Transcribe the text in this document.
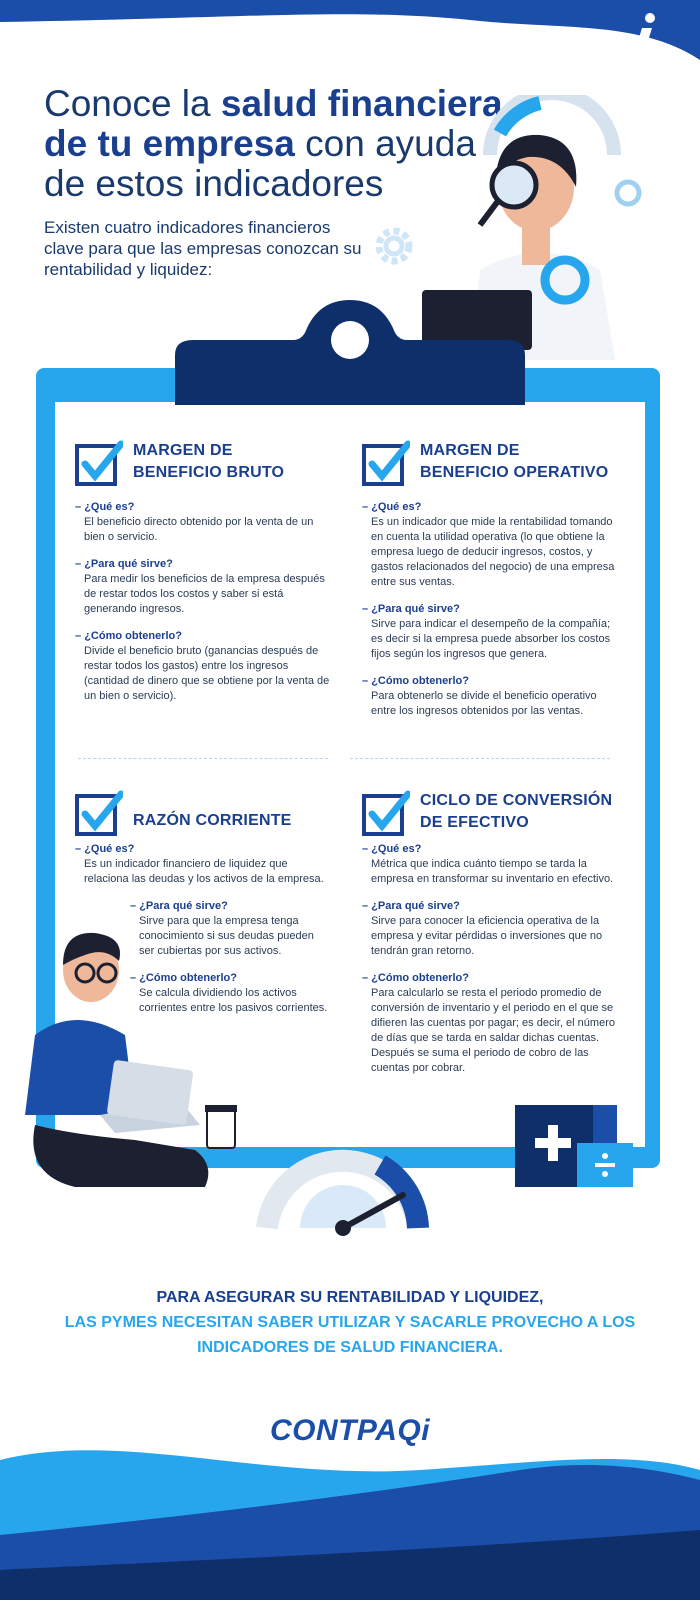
Conoce la salud financiera
de tu empresa con ayuda
de estos indicadores

Existen cuatro indicadores financieros clave para que las empresas conozcan su rentabilidad y liquidez:

MARGEN DE
BENEFICIO BRUTO

– ¿Qué es?

El beneficio directo obtenido por la venta de un bien o servicio.

– ¿Para qué sirve?

Para medir los beneficios de la empresa después de restar todos los costos y saber si está generando ingresos.

– ¿Cómo obtenerlo?

Divide el beneficio bruto (ganancias después de restar todos los gastos) entre los ingresos (cantidad de dinero que se obtiene por la venta de un bien o servicio).

MARGEN DE
BENEFICIO OPERATIVO

– ¿Qué es?

Es un indicador que mide la rentabilidad tomando en cuenta la utilidad operativa (lo que obtiene la empresa luego de deducir ingresos, costos, y gastos relacionados del negocio) de una empresa entre sus ventas.

– ¿Para qué sirve?

Sirve para indicar el desempeño de la compañía; es decir si la empresa puede absorber los costos fijos según los ingresos que genera.

– ¿Cómo obtenerlo?

Para obtenerlo se divide el beneficio operativo entre los ingresos obtenidos por las ventas.

RAZÓN CORRIENTE

– ¿Qué es?

Es un indicador financiero de liquidez que relaciona las deudas y los activos de la empresa.

– ¿Para qué sirve?

Sirve para que la empresa tenga conocimiento si sus deudas pueden ser cubiertas por sus activos.

– ¿Cómo obtenerlo?

Se calcula dividiendo los activos corrientes entre los pasivos corrientes.

CICLO DE CONVERSIÓN
DE EFECTIVO

– ¿Qué es?

Métrica que indica cuánto tiempo se tarda la empresa en transformar su inventario en efectivo.

– ¿Para qué sirve?

Sirve para conocer la eficiencia operativa de la empresa y evitar pérdidas o inversiones que no tendrán gran retorno.

– ¿Cómo obtenerlo?

Para calcularlo se resta el periodo promedio de conversión de inventario y el periodo en el que se difieren las cuentas por pagar; es decir, el número de días que se tarda en saldar dichas cuentas. Después se suma el periodo de cobro de las cuentas por cobrar.

PARA ASEGURAR SU RENTABILIDAD Y LIQUIDEZ,
LAS PYMES NECESITAN SABER UTILIZAR Y SACARLE PROVECHO A LOS INDICADORES DE SALUD FINANCIERA.

CONTPAQi
